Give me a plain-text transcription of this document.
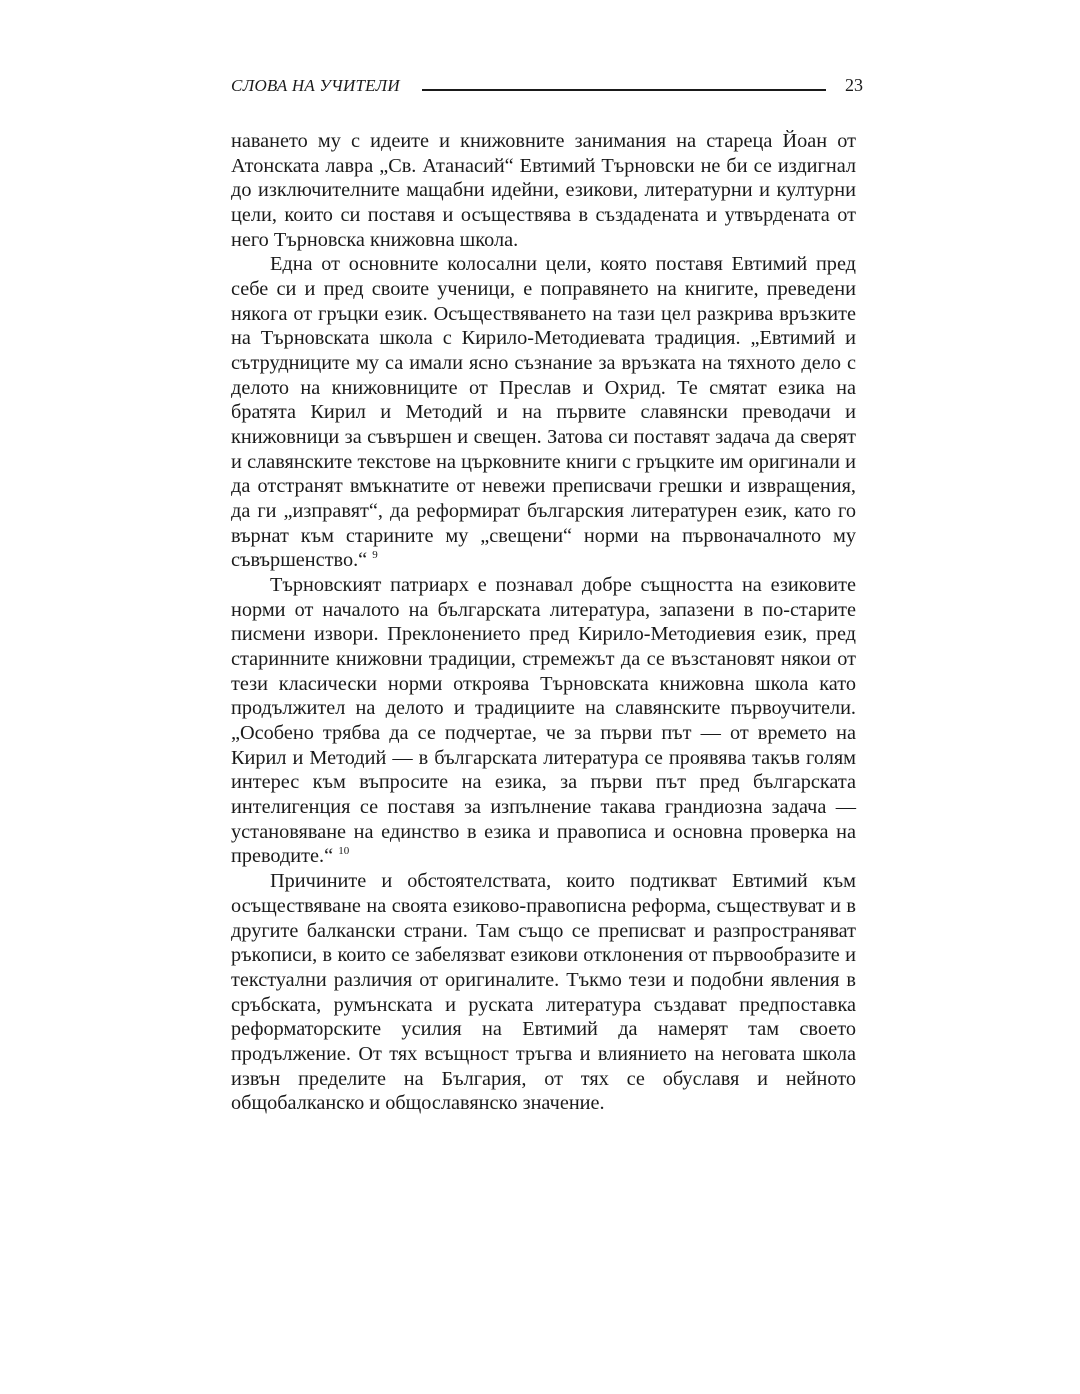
СЛОВА НА УЧИТЕЛИ	23

наването му с идеите и книжовните занимания на стареца Йоан от Атонската лавра „Св. Атанасий“ Евтимий Търновски не би се издигнал до изключителните мащабни идейни, езикови, литературни и културни цели, които си поставя и осъществява в създадената и утвърдената от него Търновска книжовна школа.

Една от основните колосални цели, която поставя Евтимий пред себе си и пред своите ученици, е поправянето на книгите, преведени някога от гръцки език. Осъществяването на тази цел разкрива връзките на Търновската школа с Кирило-Методиевата традиция. „Евтимий и сътрудниците му са имали ясно съзнание за връзката на тяхното дело с делото на книжовниците от Преслав и Охрид. Те смятат езика на братята Кирил и Методий и на първите славянски преводачи и книжовници за съвършен и свещен. Затова си поставят задача да сверят и славянските текстове на църковните книги с гръцките им оригинали и да отстранят вмъкнатите от невежи преписвачи грешки и извращения, да ги „изправят“, да реформират българския литературен език, като го върнат към старините му „свещени“ норми на първоначалното му съвършенство.“ $^9$

Търновският патриарх е познавал добре същността на езиковите норми от началото на българската литература, запазени в по-старите писмени извори. Преклонението пред Кирило-Методиевия език, пред старинните книжовни традиции, стремежът да се възстановят някои от тези класически норми откроява Търновската книжовна школа като продължител на делото и традициите на славянските първоучители. „Особено трябва да се подчертае, че за първи път — от времето на Кирил и Методий — в българската литература се проявява такъв голям интерес към въпросите на езика, за първи път пред българската интелигенция се поставя за изпълнение такава грандиозна задача — установяване на единство в езика и правописа и основна проверка на преводите.“ $^{10}$

Причините и обстоятелствата, които подтикват Евтимий към осъществяване на своята езиково-правописна реформа, съществуват и в другите балкански страни. Там също се преписват и разпространяват ръкописи, в които се забелязват езикови отклонения от първообразите и текстуални различия от оригиналите. Тъкмо тези и подобни явления в сръбската, румънската и руската литература създават предпоставка реформаторските усилия на Евтимий да намерят там своето продължение. От тях всъщност тръгва и влиянието на неговата школа извън пределите на България, от тях се обуславя и нейното общобалканско и общославянско значение.
